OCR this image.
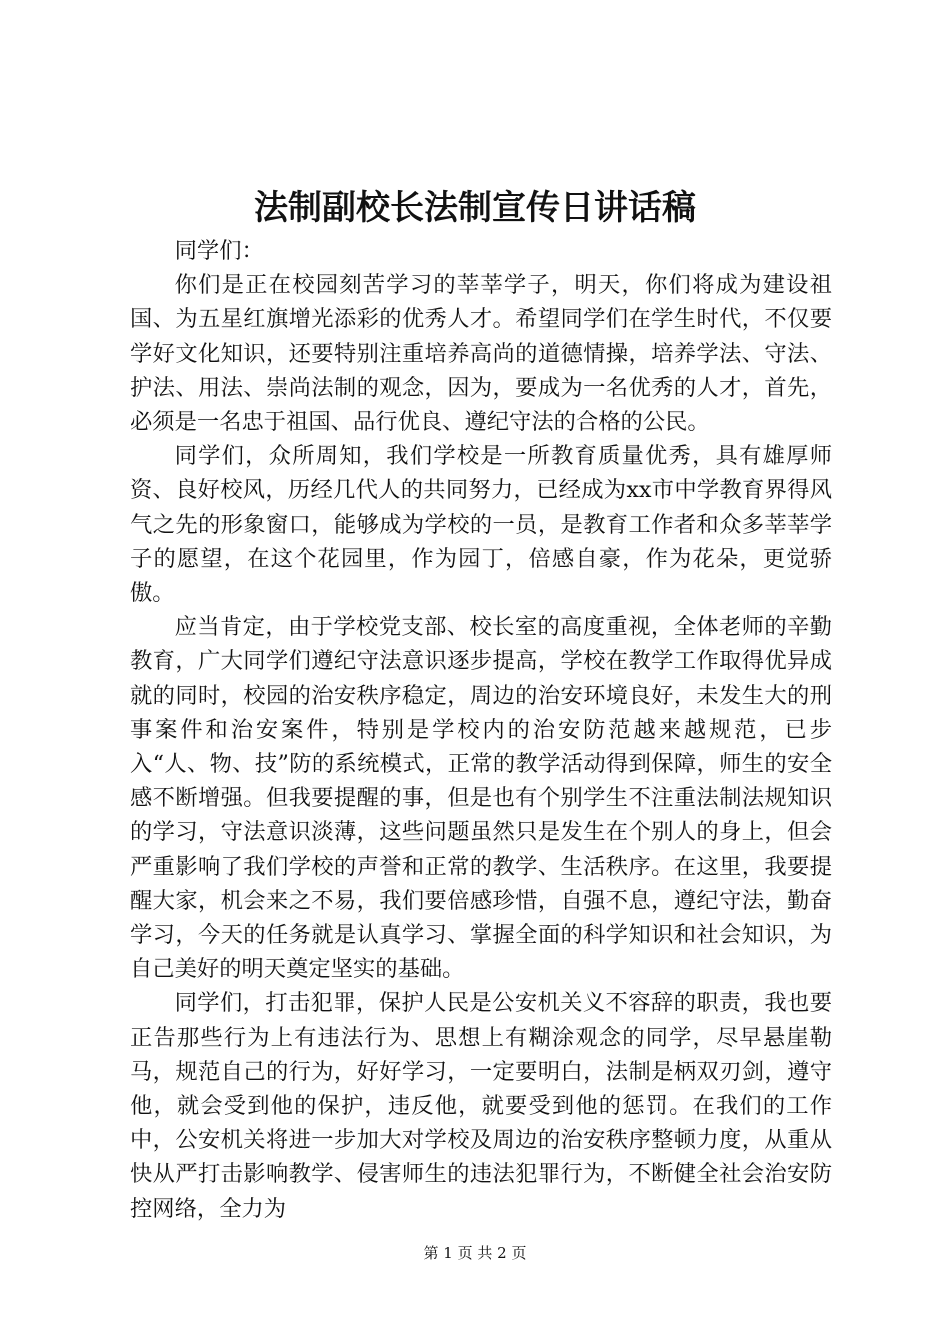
法制副校长法制宣传日讲话稿

同学们：

你们是正在校园刻苦学习的莘莘学子，明天，你们将成为建设祖国、为五星红旗增光添彩的优秀人才。希望同学们在学生时代，不仅要学好文化知识，还要特别注重培养高尚的道德情操，培养学法、守法、护法、用法、崇尚法制的观念，因为，要成为一名优秀的人才，首先，必须是一名忠于祖国、品行优良、遵纪守法的合格的公民。

同学们，众所周知，我们学校是一所教育质量优秀，具有雄厚师资、良好校风，历经几代人的共同努力，已经成为xx市中学教育界得风气之先的形象窗口，能够成为学校的一员，是教育工作者和众多莘莘学子的愿望，在这个花园里，作为园丁，倍感自豪，作为花朵，更觉骄傲。

应当肯定，由于学校党支部、校长室的高度重视，全体老师的辛勤教育，广大同学们遵纪守法意识逐步提高，学校在教学工作取得优异成就的同时，校园的治安秩序稳定，周边的治安环境良好，未发生大的刑事案件和治安案件，特别是学校内的治安防范越来越规范，已步入“人、物、技”防的系统模式，正常的教学活动得到保障，师生的安全感不断增强。但我要提醒的事，但是也有个别学生不注重法制法规知识的学习，守法意识淡薄，这些问题虽然只是发生在个别人的身上，但会严重影响了我们学校的声誉和正常的教学、生活秩序。在这里，我要提醒大家，机会来之不易，我们要倍感珍惜，自强不息，遵纪守法，勤奋学习，今天的任务就是认真学习、掌握全面的科学知识和社会知识，为自己美好的明天奠定坚实的基础。

同学们，打击犯罪，保护人民是公安机关义不容辞的职责，我也要正告那些行为上有违法行为、思想上有糊涂观念的同学，尽早悬崖勒马，规范自己的行为，好好学习，一定要明白，法制是柄双刃剑，遵守他，就会受到他的保护，违反他，就要受到他的惩罚。在我们的工作中，公安机关将进一步加大对学校及周边的治安秩序整顿力度，从重从快从严打击影响教学、侵害师生的违法犯罪行为，不断健全社会治安防控网络，全力为

第 1 页 共 2 页
